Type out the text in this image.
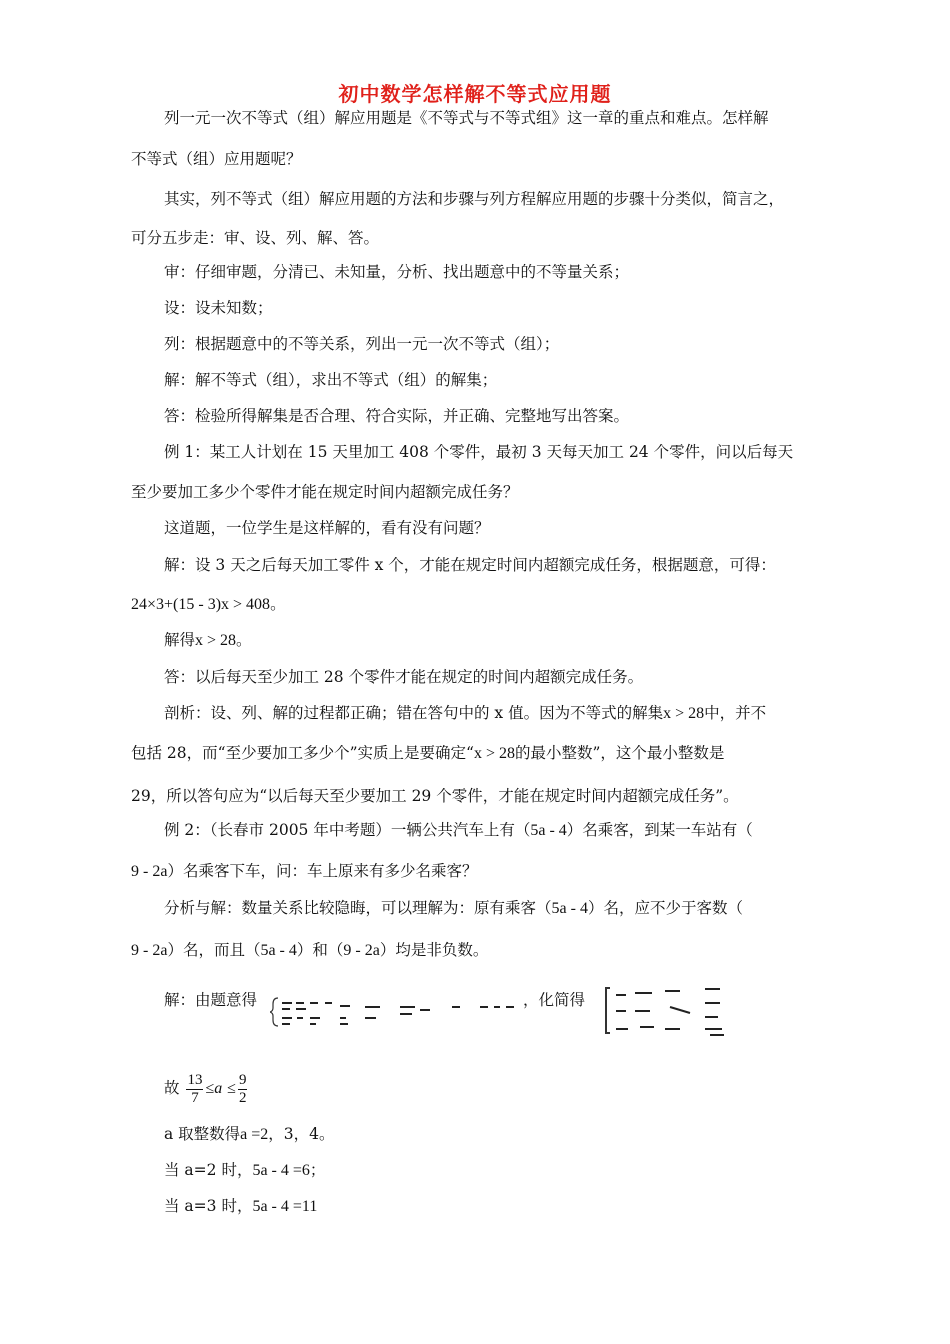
初中数学怎样解不等式应用题
列一元一次不等式（组）解应用题是《不等式与不等式组》这一章的重点和难点。怎样解
不等式（组）应用题呢？
其实，列不等式（组）解应用题的方法和步骤与列方程解应用题的步骤十分类似，简言之，
可分五步走：审、设、列、解、答。
审：仔细审题，分清已、未知量，分析、找出题意中的不等量关系；
设：设未知数；
列：根据题意中的不等关系，列出一元一次不等式（组）；
解：解不等式（组），求出不等式（组）的解集；
答：检验所得解集是否合理、符合实际，并正确、完整地写出答案。
例 1：某工人计划在 15 天里加工 408 个零件，最初 3 天每天加工 24 个零件，问以后每天
至少要加工多少个零件才能在规定时间内超额完成任务？
这道题，一位学生是这样解的，看有没有问题？
解：设 3 天之后每天加工零件 x 个，才能在规定时间内超额完成任务，根据题意，可得：
24×3+(15 - 3)x > 408。
解得x > 28。
答：以后每天至少加工 28 个零件才能在规定的时间内超额完成任务。
剖析：设、列、解的过程都正确；错在答句中的 x 值。因为不等式的解集x > 28中，并不
包括 28，而“至少要加工多少个”实质上是要确定“x > 28的最小整数”，这个最小整数是
29，所以答句应为“以后每天至少要加工 29 个零件，才能在规定时间内超额完成任务”。
例 2：（长春市 2005 年中考题）一辆公共汽车上有（5a - 4）名乘客，到某一车站有（
9 - 2a）名乘客下车，问：车上原来有多少名乘客？
分析与解：数量关系比较隐晦，可以理解为：原有乘客（5a - 4）名，应不少于客数（
9 - 2a）名，而且（5a - 4）和（9 - 2a）均是非负数。
解：由题意得	，化简得
故 $\frac{13}{7} \le a \le \frac{9}{2}$
a 取整数得a =2，3，4。
当 a=2 时，5a - 4 =6；
当 a=3 时，5a - 4 =11
